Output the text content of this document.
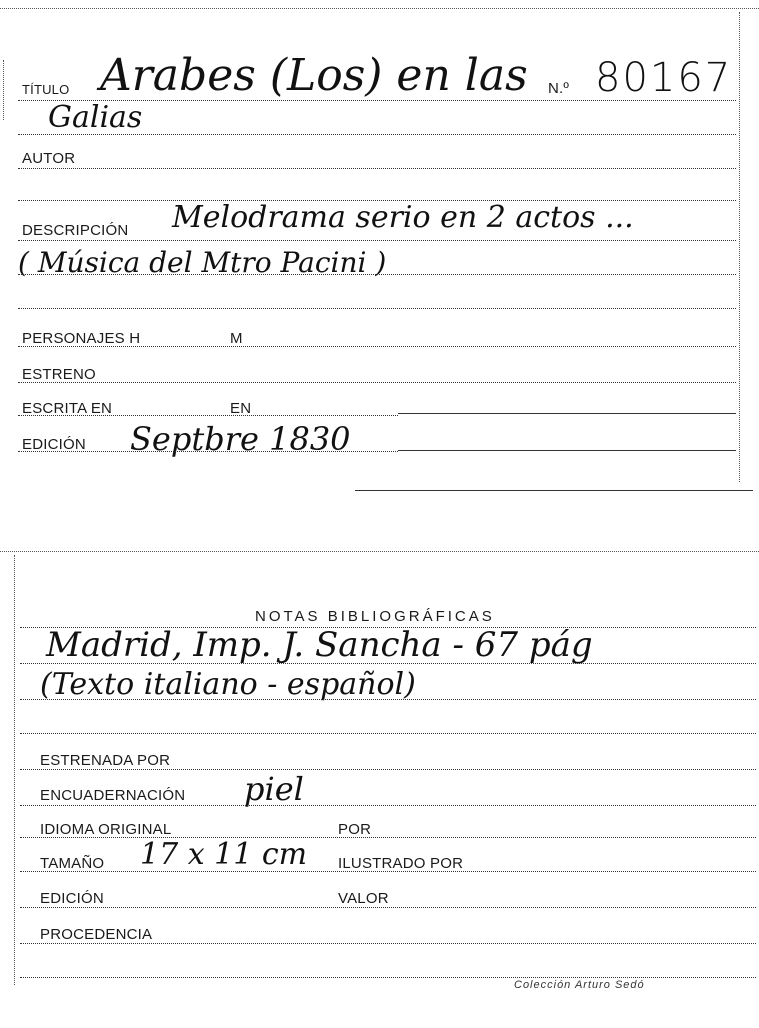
TÍTULO Arabes (Los) en las N.º 80167
Galias
AUTOR
DESCRIPCIÓN Melodrama serio en 2 actos ...
( Música del Mtro Pacini )
PERSONAJES H	M
ESTRENO
ESCRITA EN	EN
EDICIÓN Septbre 1830
NOTAS BIBLIOGRÁFICAS
Madrid, Imp. J. Sancha - 67 pág
(Texto italiano - español)
ESTRENADA POR
ENCUADERNACIÓN piel
IDIOMA ORIGINAL	POR
TAMAÑO 17 x 11 cm ILUSTRADO POR
EDICIÓN	VALOR
PROCEDENCIA
Colección Arturo Sedó
